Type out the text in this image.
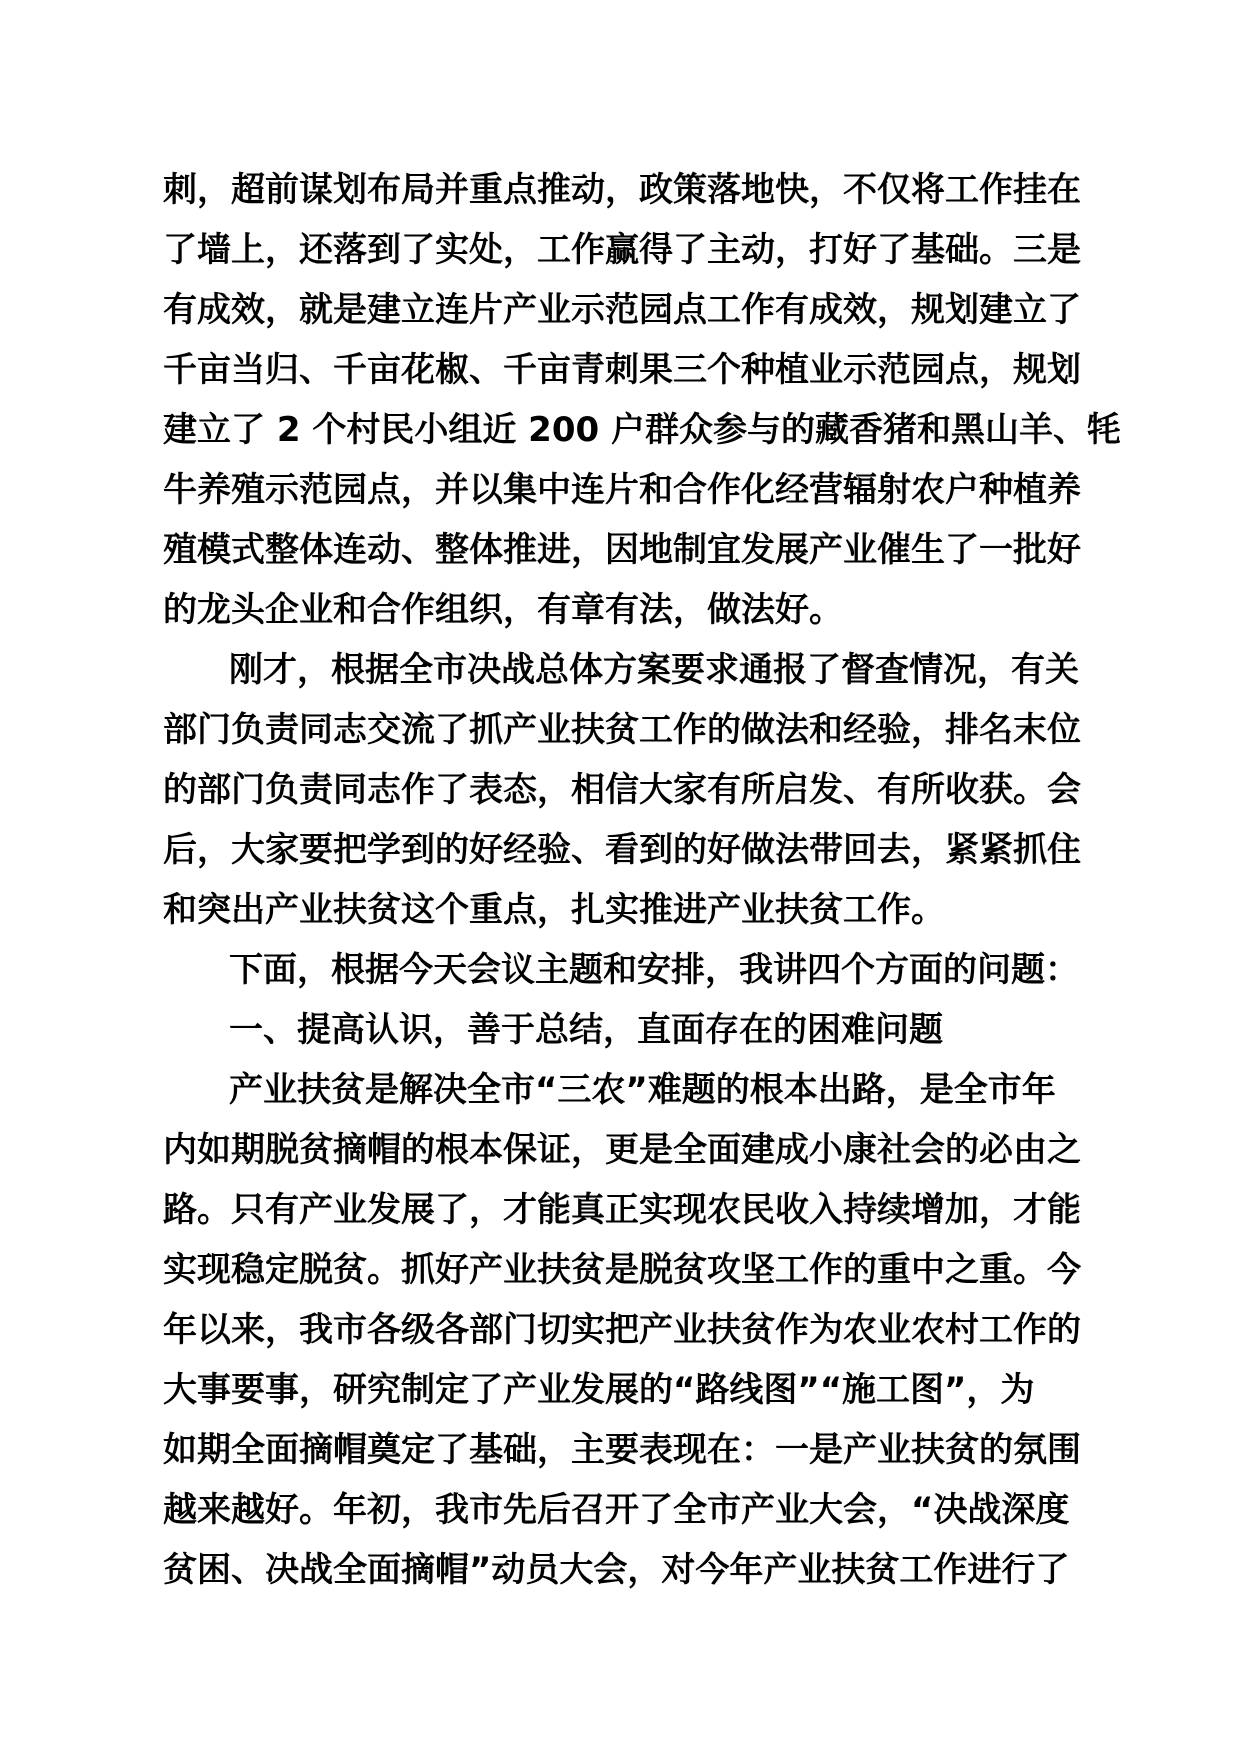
刺，超前谋划布局并重点推动，政策落地快，不仅将工作挂在
了墙上，还落到了实处，工作赢得了主动，打好了基础。三是
有成效，就是建立连片产业示范园点工作有成效，规划建立了
千亩当归、千亩花椒、千亩青刺果三个种植业示范园点，规划
建立了 2 个村民小组近 200 户群众参与的藏香猪和黑山羊、牦
牛养殖示范园点，并以集中连片和合作化经营辐射农户种植养
殖模式整体连动、整体推进，因地制宜发展产业催生了一批好
的龙头企业和合作组织，有章有法，做法好。
刚才，根据全市决战总体方案要求通报了督查情况，有关
部门负责同志交流了抓产业扶贫工作的做法和经验，排名末位
的部门负责同志作了表态，相信大家有所启发、有所收获。会
后，大家要把学到的好经验、看到的好做法带回去，紧紧抓住
和突出产业扶贫这个重点，扎实推进产业扶贫工作。
下面，根据今天会议主题和安排，我讲四个方面的问题：
一、提高认识，善于总结，直面存在的困难问题
产业扶贫是解决全市“三农”难题的根本出路，是全市年
内如期脱贫摘帽的根本保证，更是全面建成小康社会的必由之
路。只有产业发展了，才能真正实现农民收入持续增加，才能
实现稳定脱贫。抓好产业扶贫是脱贫攻坚工作的重中之重。今
年以来，我市各级各部门切实把产业扶贫作为农业农村工作的
大事要事，研究制定了产业发展的“路线图”“施工图”，为
如期全面摘帽奠定了基础，主要表现在：一是产业扶贫的氛围
越来越好。年初，我市先后召开了全市产业大会，“决战深度
贫困、决战全面摘帽”动员大会，对今年产业扶贫工作进行了
